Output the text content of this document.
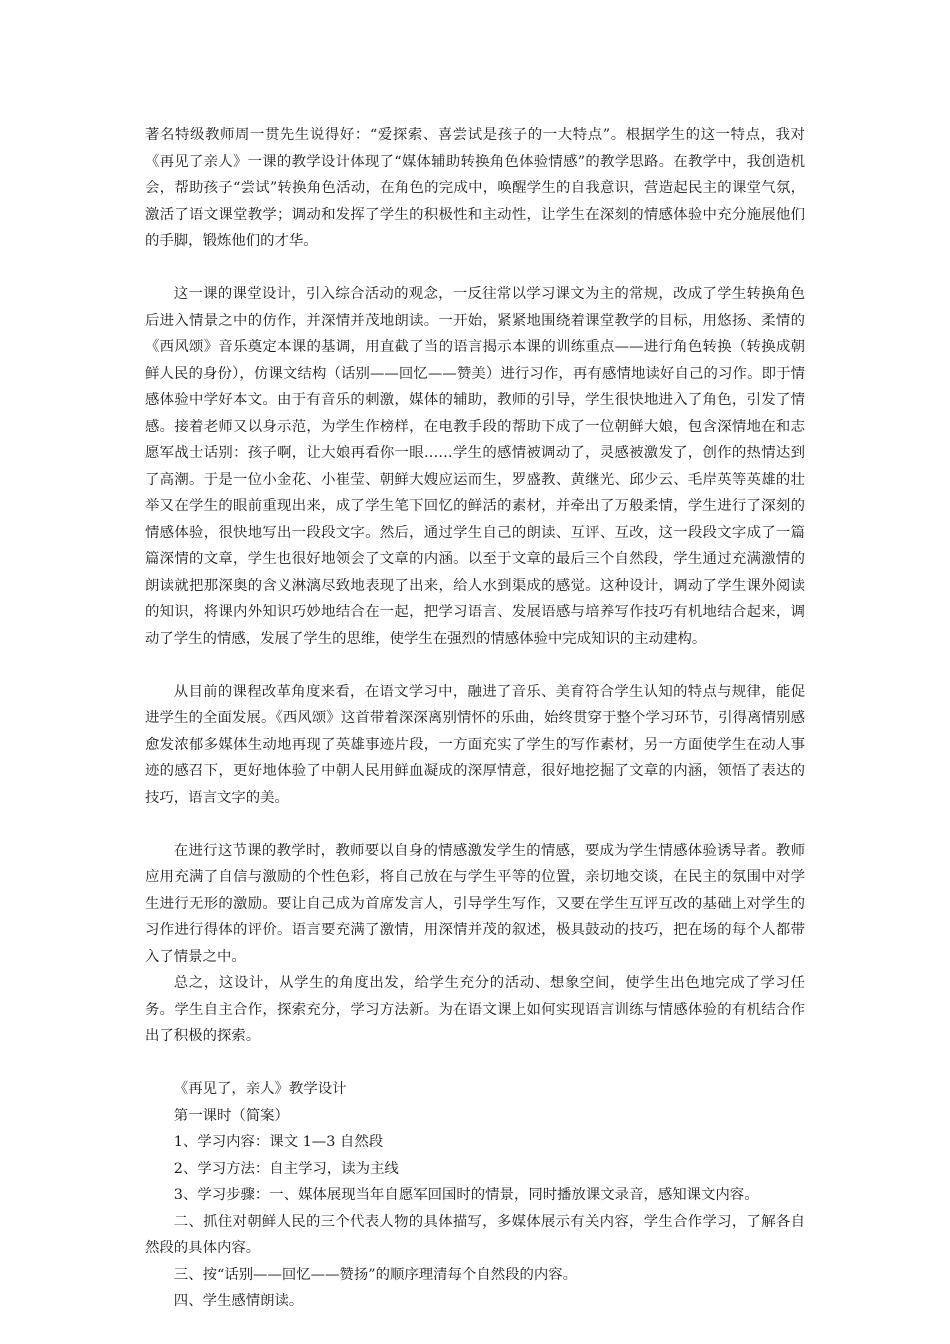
著名特级教师周一贯先生说得好：“爱探索、喜尝试是孩子的一大特点”。根据学生的这一特点，我对《再见了亲人》一课的教学设计体现了“媒体辅助转换角色体验情感”的教学思路。在教学中，我创造机会，帮助孩子“尝试”转换角色活动，在角色的完成中，唤醒学生的自我意识，营造起民主的课堂气氛，激活了语文课堂教学；调动和发挥了学生的积极性和主动性，让学生在深刻的情感体验中充分施展他们的手脚，锻炼他们的才华。

这一课的课堂设计，引入综合活动的观念，一反往常以学习课文为主的常规，改成了学生转换角色后进入情景之中的仿作，并深情并茂地朗读。一开始，紧紧地围绕着课堂教学的目标，用悠扬、柔情的《西风颂》音乐奠定本课的基调，用直截了当的语言揭示本课的训练重点——进行角色转换（转换成朝鲜人民的身份），仿课文结构（话别——回忆——赞美）进行习作，再有感情地读好自己的习作。即于情感体验中学好本文。由于有音乐的刺激，媒体的辅助，教师的引导，学生很快地进入了角色，引发了情感。接着老师又以身示范，为学生作榜样，在电教手段的帮助下成了一位朝鲜大娘，包含深情地在和志愿军战士话别：孩子啊，让大娘再看你一眼……学生的感情被调动了，灵感被激发了，创作的热情达到了高潮。于是一位小金花、小崔莹、朝鲜大嫂应运而生，罗盛教、黄继光、邱少云、毛岸英等英雄的壮举又在学生的眼前重现出来，成了学生笔下回忆的鲜活的素材，并牵出了万般柔情，学生进行了深刻的情感体验，很快地写出一段段文字。然后，通过学生自己的朗读、互评、互改，这一段段文字成了一篇篇深情的文章，学生也很好地领会了文章的内涵。以至于文章的最后三个自然段，学生通过充满激情的朗读就把那深奥的含义淋漓尽致地表现了出来，给人水到渠成的感觉。这种设计，调动了学生课外阅读的知识，将课内外知识巧妙地结合在一起，把学习语言、发展语感与培养写作技巧有机地结合起来，调动了学生的情感，发展了学生的思维，使学生在强烈的情感体验中完成知识的主动建构。

从目前的课程改革角度来看，在语文学习中，融进了音乐、美育符合学生认知的特点与规律，能促进学生的全面发展。《西风颂》这首带着深深离别情怀的乐曲，始终贯穿于整个学习环节，引得离情别感愈发浓郁多媒体生动地再现了英雄事迹片段，一方面充实了学生的写作素材，另一方面使学生在动人事迹的感召下，更好地体验了中朝人民用鲜血凝成的深厚情意，很好地挖掘了文章的内涵，领悟了表达的技巧，语言文字的美。

在进行这节课的教学时，教师要以自身的情感激发学生的情感，要成为学生情感体验诱导者。教师应用充满了自信与激励的个性色彩，将自己放在与学生平等的位置，亲切地交谈，在民主的氛围中对学生进行无形的激励。要让自己成为首席发言人，引导学生写作，又要在学生互评互改的基础上对学生的习作进行得体的评价。语言要充满了激情，用深情并茂的叙述，极具鼓动的技巧，把在场的每个人都带入了情景之中。

总之，这设计，从学生的角度出发，给学生充分的活动、想象空间，使学生出色地完成了学习任务。学生自主合作，探索充分，学习方法新。为在语文课上如何实现语言训练与情感体验的有机结合作出了积极的探索。

《再见了，亲人》教学设计

第一课时（简案）

1、学习内容：课文 1—3 自然段

2、学习方法：自主学习，读为主线

3、学习步骤：一、媒体展现当年自愿军回国时的情景，同时播放课文录音，感知课文内容。

二、抓住对朝鲜人民的三个代表人物的具体描写，多媒体展示有关内容，学生合作学习，了解各自然段的具体内容。

三、按“话别——回忆——赞扬”的顺序理清每个自然段的内容。

四、学生感情朗读。
